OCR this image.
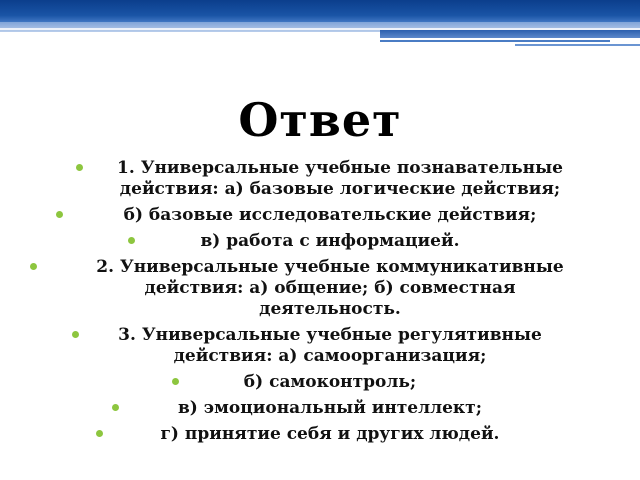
Ответ
1. Универсальные учебные познавательные
действия: а) базовые логические действия;
б) базовые исследовательские действия;
в) работа с информацией.
2. Универсальные учебные коммуникативные
действия: а) общение; б) совместная
деятельность.
3. Универсальные учебные регулятивные
действия: а) самоорганизация;
б) самоконтроль;
в) эмоциональный интеллект;
г) принятие себя и других людей.
